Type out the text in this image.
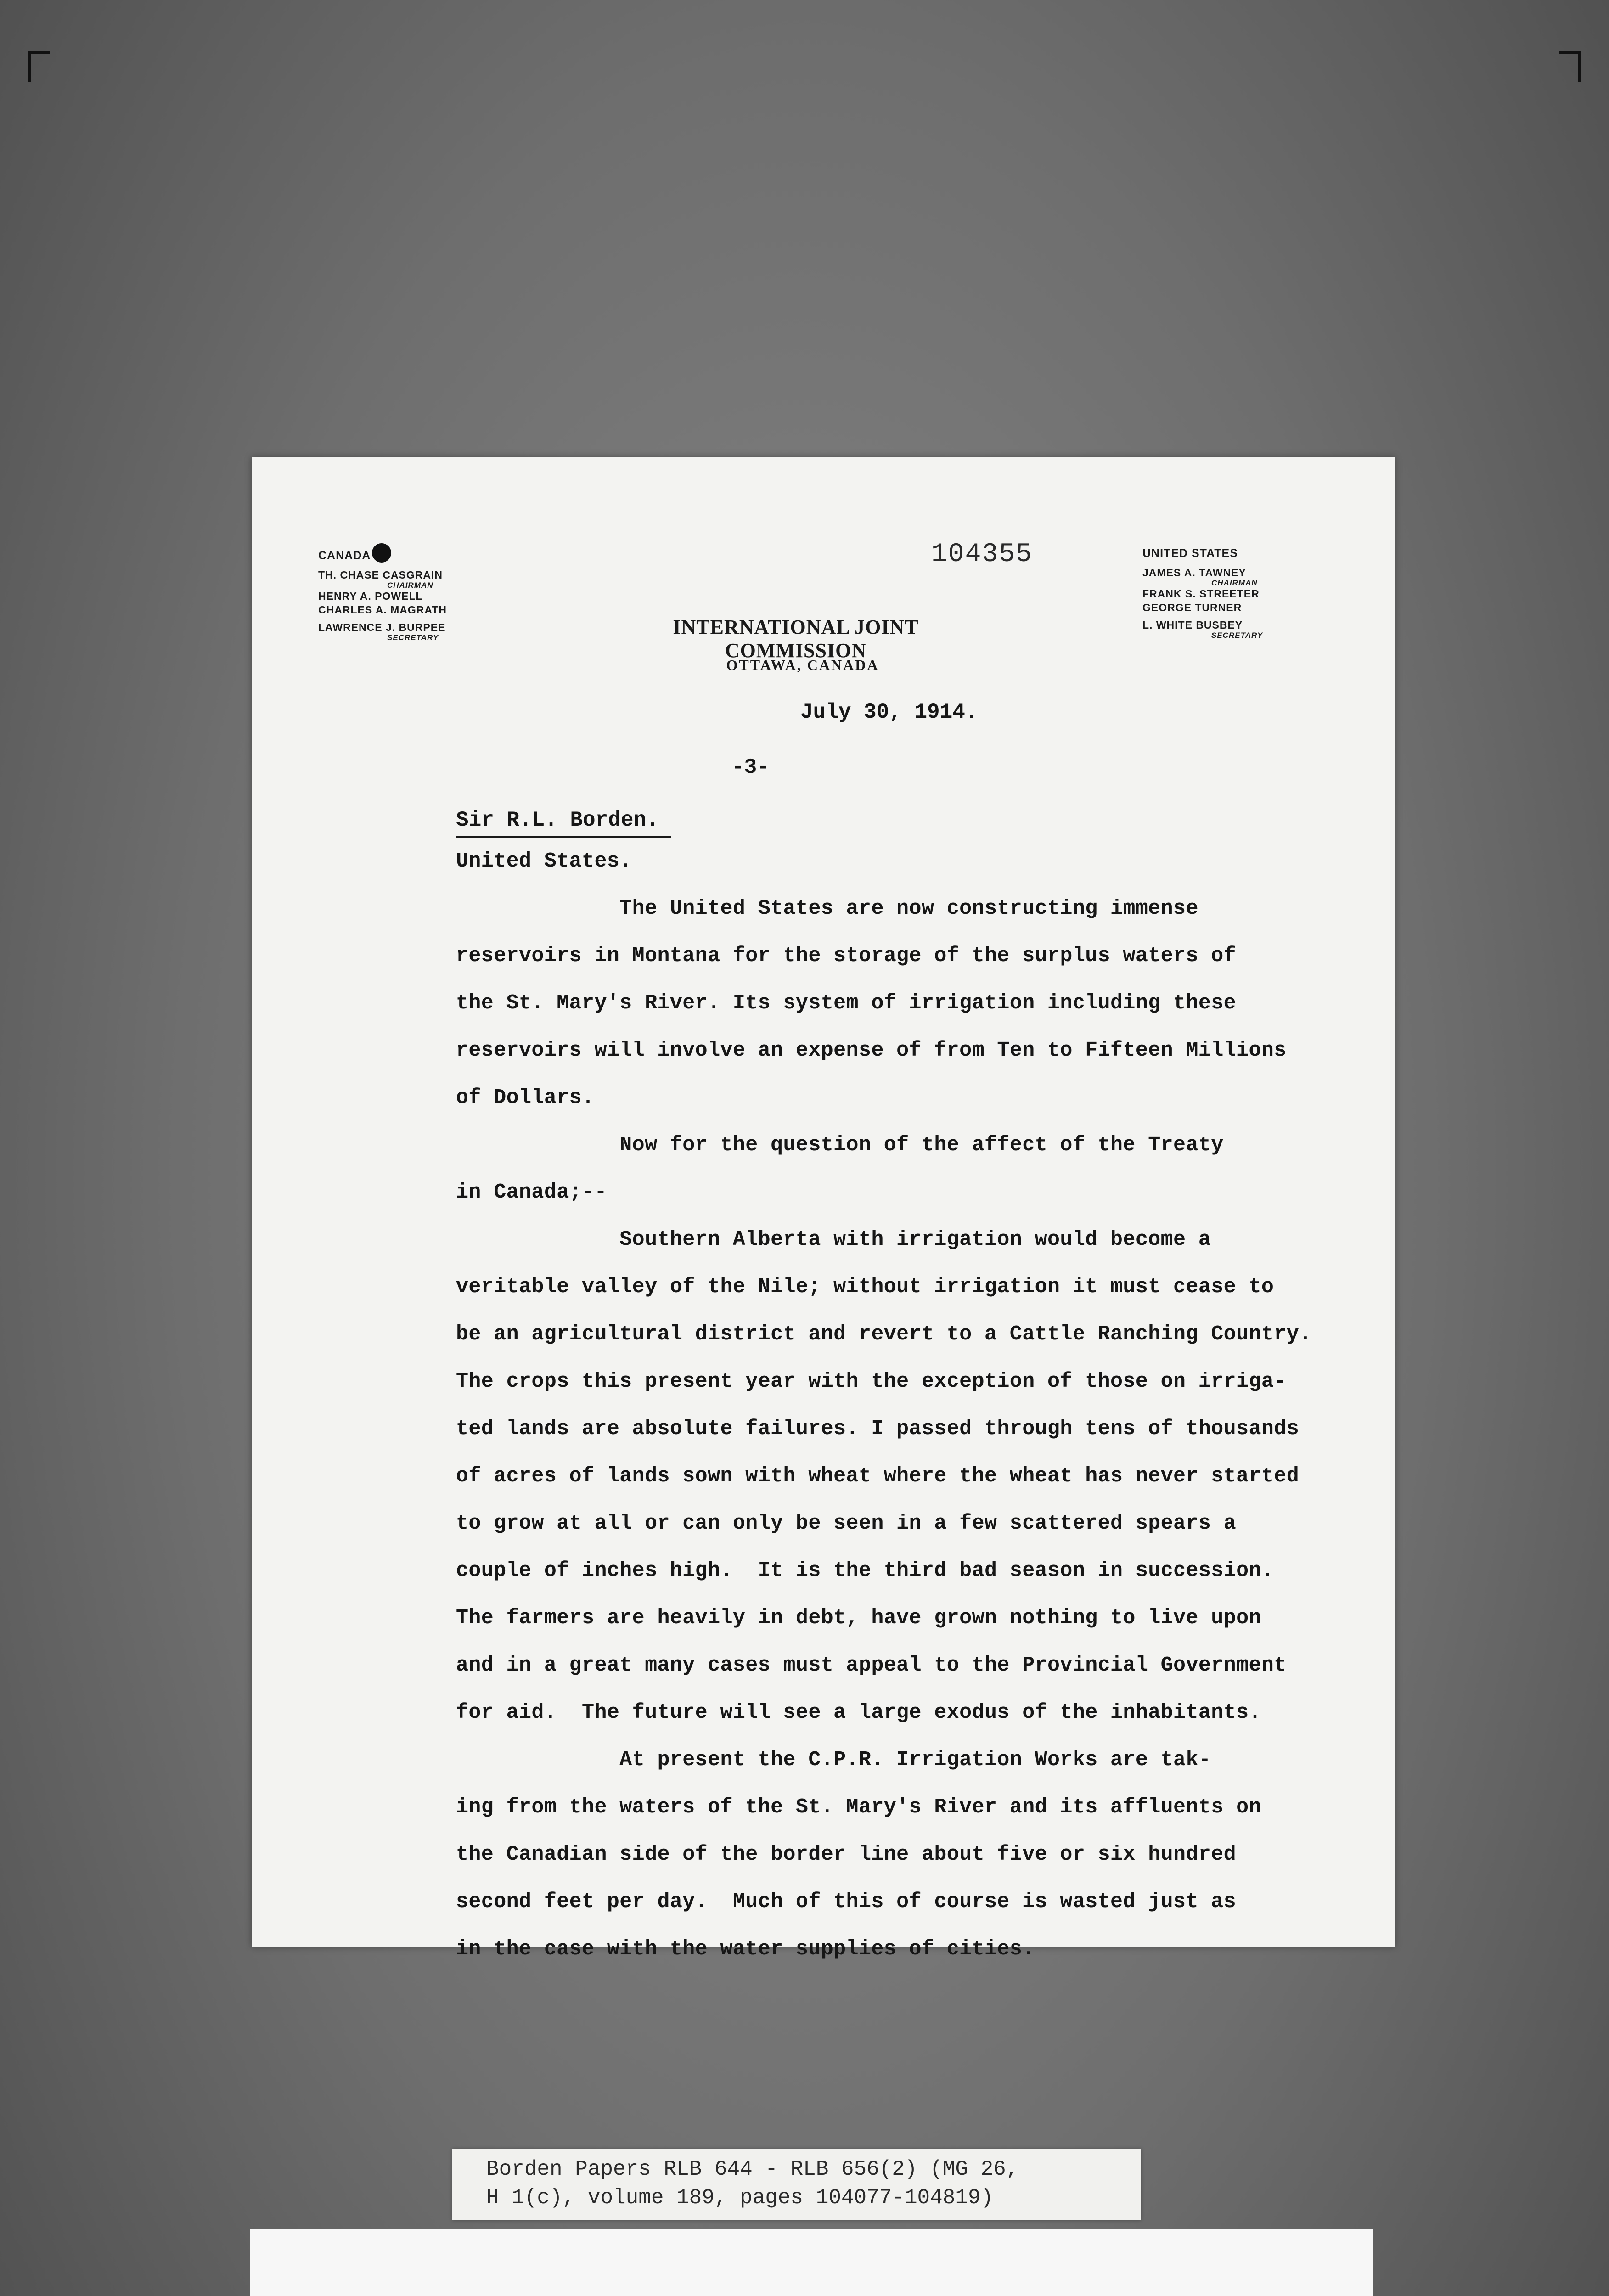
CANADA
TH. CHASE CASGRAIN
CHAIRMAN
HENRY A. POWELL
CHARLES A. MAGRATH
LAWRENCE J. BURPEE
SECRETARY
104355
INTERNATIONAL JOINT COMMISSION
OTTAWA, CANADA
UNITED STATES
JAMES A. TAWNEY
CHAIRMAN
FRANK S. STREETER
GEORGE TURNER
L. WHITE BUSBEY
SECRETARY
July 30, 1914.
-3-
Sir R.L. Borden.
United States.
The United States are now constructing immense
reservoirs in Montana for the storage of the surplus waters of
the St. Mary's River. Its system of irrigation including these
reservoirs will involve an expense of from Ten to Fifteen Millions
of Dollars.
Now for the question of the affect of the Treaty
in Canada;--
Southern Alberta with irrigation would become a
veritable valley of the Nile; without irrigation it must cease to
be an agricultural district and revert to a Cattle Ranching Country.
The crops this present year with the exception of those on irriga-
ted lands are absolute failures. I passed through tens of thousands
of acres of lands sown with wheat where the wheat has never started
to grow at all or can only be seen in a few scattered spears a
couple of inches high.  It is the third bad season in succession.
The farmers are heavily in debt, have grown nothing to live upon
and in a great many cases must appeal to the Provincial Government
for aid.  The future will see a large exodus of the inhabitants.
At present the C.P.R. Irrigation Works are tak-
ing from the waters of the St. Mary's River and its affluents on
the Canadian side of the border line about five or six hundred
second feet per day.  Much of this of course is wasted just as
in the case with the water supplies of cities.
Borden Papers RLB 644 - RLB 656(2) (MG 26,
H 1(c), volume 189, pages 104077-104819)
